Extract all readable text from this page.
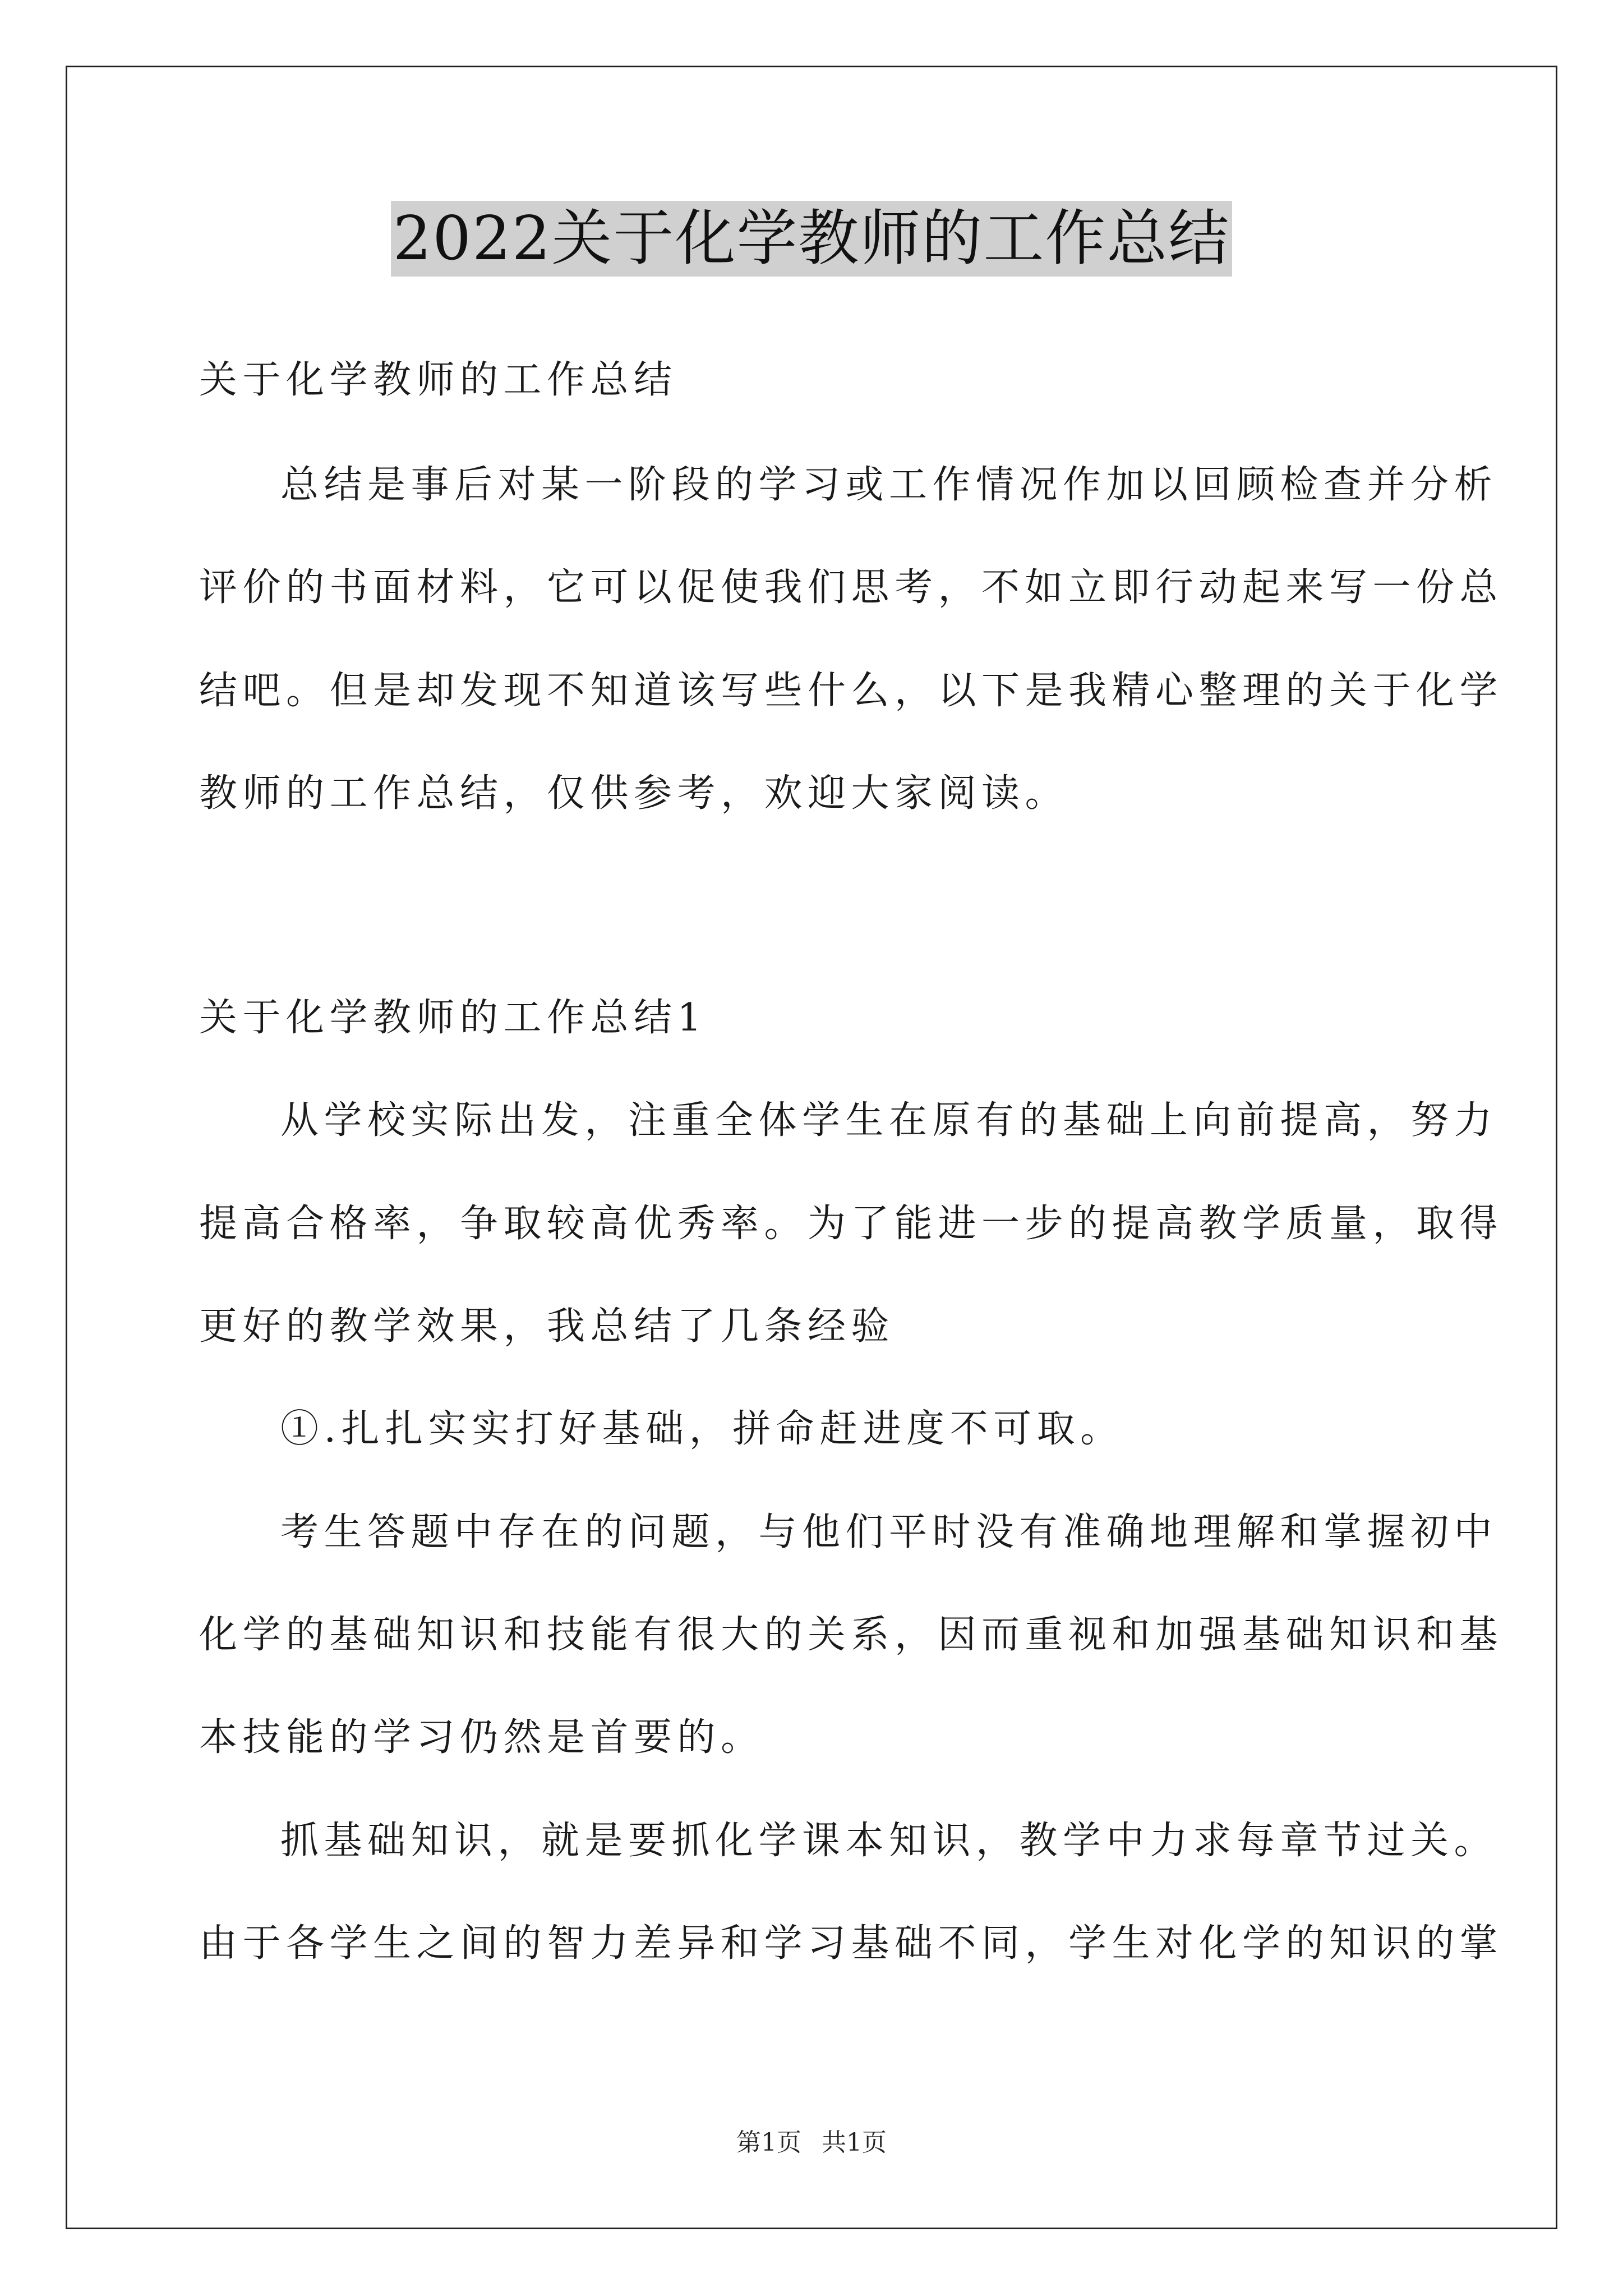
2022关于化学教师的工作总结
关于化学教师的工作总结
总结是事后对某一阶段的学习或工作情况作加以回顾检查并分析
评价的书面材料，它可以促使我们思考，不如立即行动起来写一份总
结吧。但是却发现不知道该写些什么，以下是我精心整理的关于化学
教师的工作总结，仅供参考，欢迎大家阅读。
关于化学教师的工作总结1
从学校实际出发，注重全体学生在原有的基础上向前提高，努力
提高合格率，争取较高优秀率。为了能进一步的提高教学质量，取得
更好的教学效果，我总结了几条经验
①.扎扎实实打好基础，拼命赶进度不可取。
考生答题中存在的问题，与他们平时没有准确地理解和掌握初中
化学的基础知识和技能有很大的关系，因而重视和加强基础知识和基
本技能的学习仍然是首要的。
抓基础知识，就是要抓化学课本知识，教学中力求每章节过关。
由于各学生之间的智力差异和学习基础不同，学生对化学的知识的掌
第1页 共1页
